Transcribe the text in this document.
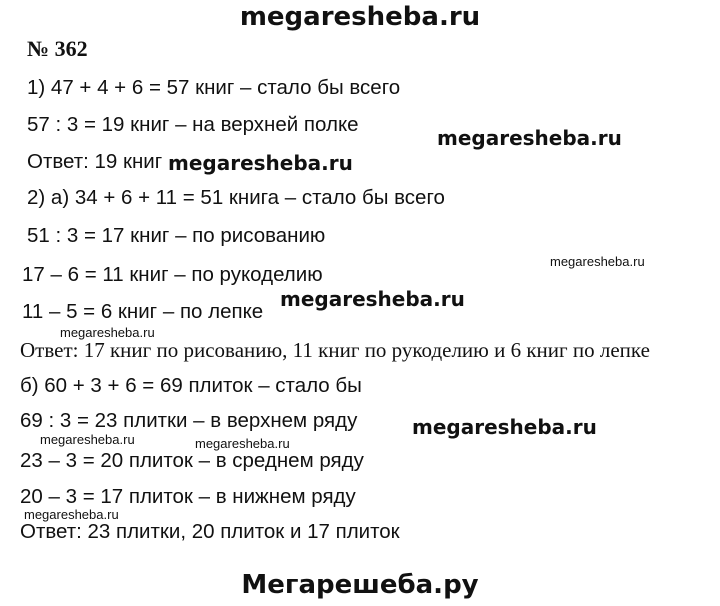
megaresheba.ru
№ 362
1) 47 + 4 + 6 = 57 книг – стало бы всего
57 : 3 = 19 книг – на верхней полке
Ответ: 19 книг
2) а) 34 + 6 + 11 = 51 книга – стало бы всего
51 : 3 = 17 книг – по рисованию
17 – 6 = 11 книг – по рукоделию
11 – 5 = 6 книг – по лепке
Ответ: 17 книг по рисованию, 11 книг по рукоделию и 6 книг по лепке
б) 60 + 3 + 6 = 69 плиток – стало бы
69 : 3 = 23 плитки – в верхнем ряду
23 – 3 = 20 плиток – в среднем ряду
20 – 3 = 17 плиток – в нижнем ряду
Ответ: 23 плитки, 20 плиток и 17 плиток
megaresheba.ru
megaresheba.ru
megaresheba.ru
megaresheba.ru
megaresheba.ru
megaresheba.ru
megaresheba.ru	megaresheba.ru
megaresheba.ru
Мегарешеба.ру
